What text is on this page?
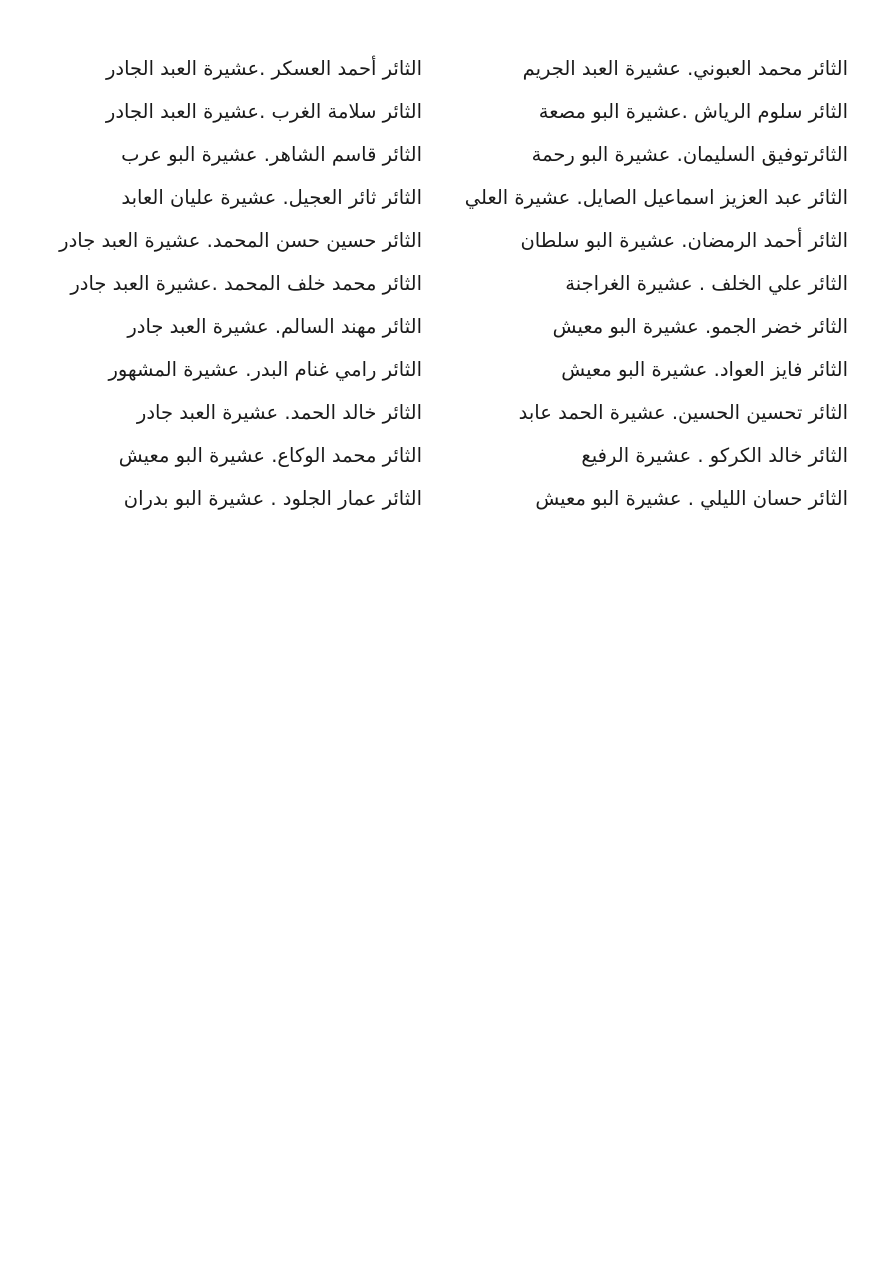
الثائر محمد العبوني. عشيرة العبد الجريم
الثائر سلوم الرياش .عشيرة البو مصعة
الثائرتوفيق السليمان. عشيرة البو رحمة
الثائر عبد العزيز اسماعيل الصايل. عشيرة العلي
الثائر أحمد الرمضان. عشيرة البو سلطان
الثائر علي الخلف . عشيرة الغراجنة
الثائر خضر الجمو. عشيرة البو معيش
الثائر فايز العواد. عشيرة البو معيش
الثائر تحسين الحسين. عشيرة الحمد عابد
الثائر خالد الكركو . عشيرة الرفيع
الثائر حسان الليلي . عشيرة البو معيش
الثائر أحمد العسكر .عشيرة العبد الجادر
الثائر سلامة الغرب .عشيرة العبد الجادر
الثائر قاسم الشاهر. عشيرة البو عرب
الثائر ثائر العجيل. عشيرة عليان العابد
الثائر حسين حسن المحمد. عشيرة العبد جادر
الثائر محمد خلف المحمد .عشيرة العبد جادر
الثائر مهند السالم. عشيرة العبد جادر
الثائر رامي غنام البدر. عشيرة المشهور
الثائر خالد الحمد. عشيرة العبد جادر
الثائر محمد الوكاع. عشيرة البو معيش
الثائر عمار الجلود . عشيرة البو بدران
